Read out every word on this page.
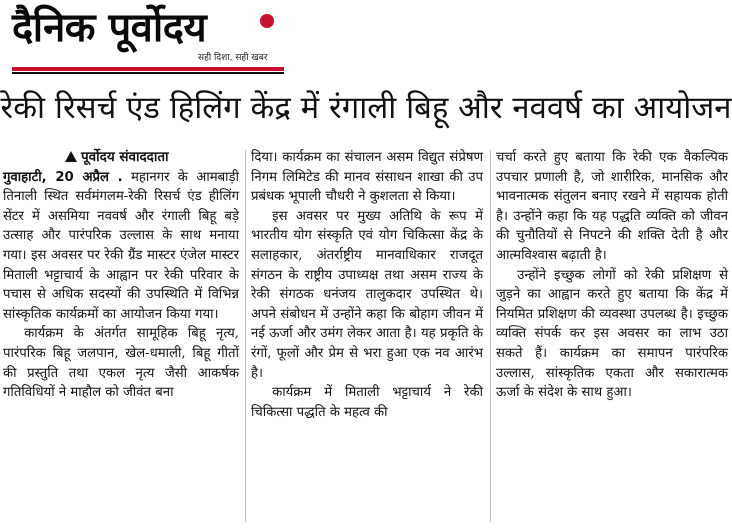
दैनिक पूर्वोदय
सही दिशा, सही खबर
रेकी रिसर्च एंड हिलिंग केंद्र में रंगाली बिहू और नववर्ष का आयोजन
पूर्वोदय संवाददाता

गुवाहाटी, 20 अप्रैल . महानगर के आमबाड़ी तिनाली स्थित सर्वमंगलम-रेकी रिसर्च एंड हीलिंग सेंटर में असमिया नववर्ष और रंगाली बिहू बड़े उत्साह और पारंपरिक उल्लास के साथ मनाया गया। इस अवसर पर रेकी ग्रैंड मास्टर एंजेल मास्टर मिताली भट्टाचार्य के आह्वान पर रेकी परिवार के पचास से अधिक सदस्यों की उपस्थिति में विभिन्न सांस्कृतिक कार्यक्रमों का आयोजन किया गया।

कार्यक्रम के अंतर्गत सामूहिक बिहू नृत्य, पारंपरिक बिहू जलपान, खेल-धमाली, बिहू गीतों की प्रस्तुति तथा एकल नृत्य जैसी आकर्षक गतिविधियों ने माहौल को जीवंत बना

दिया। कार्यक्रम का संचालन असम विद्युत संप्रेषण निगम लिमिटेड की मानव संसाधन शाखा की उप प्रबंधक भूपाली चौधरी ने कुशलता से किया।

इस अवसर पर मुख्य अतिथि के रूप में भारतीय योग संस्कृति एवं योग चिकित्सा केंद्र के सलाहकार, अंतर्राष्ट्रीय मानवाधिकार राजदूत संगठन के राष्ट्रीय उपाध्यक्ष तथा असम राज्य के रेकी संगठक धनंजय तालुकदार उपस्थित थे। अपने संबोधन में उन्होंने कहा कि बोहाग जीवन में नई ऊर्जा और उमंग लेकर आता है। यह प्रकृति के रंगों, फूलों और प्रेम से भरा हुआ एक नव आरंभ है।

कार्यक्रम में मिताली भट्टाचार्य ने रेकी चिकित्सा पद्धति के महत्व की

चर्चा करते हुए बताया कि रेकी एक वैकल्पिक उपचार प्रणाली है, जो शारीरिक, मानसिक और भावनात्मक संतुलन बनाए रखने में सहायक होती है। उन्होंने कहा कि यह पद्धति व्यक्ति को जीवन की चुनौतियों से निपटने की शक्ति देती है और आत्मविश्वास बढ़ाती है।

उन्होंने इच्छुक लोगों को रेकी प्रशिक्षण से जुड़ने का आह्वान करते हुए बताया कि केंद्र में नियमित प्रशिक्षण की व्यवस्था उपलब्ध है। इच्छुक व्यक्ति संपर्क कर इस अवसर का लाभ उठा सकते हैं। कार्यक्रम का समापन पारंपरिक उल्लास, सांस्कृतिक एकता और सकारात्मक ऊर्जा के संदेश के साथ हुआ।
